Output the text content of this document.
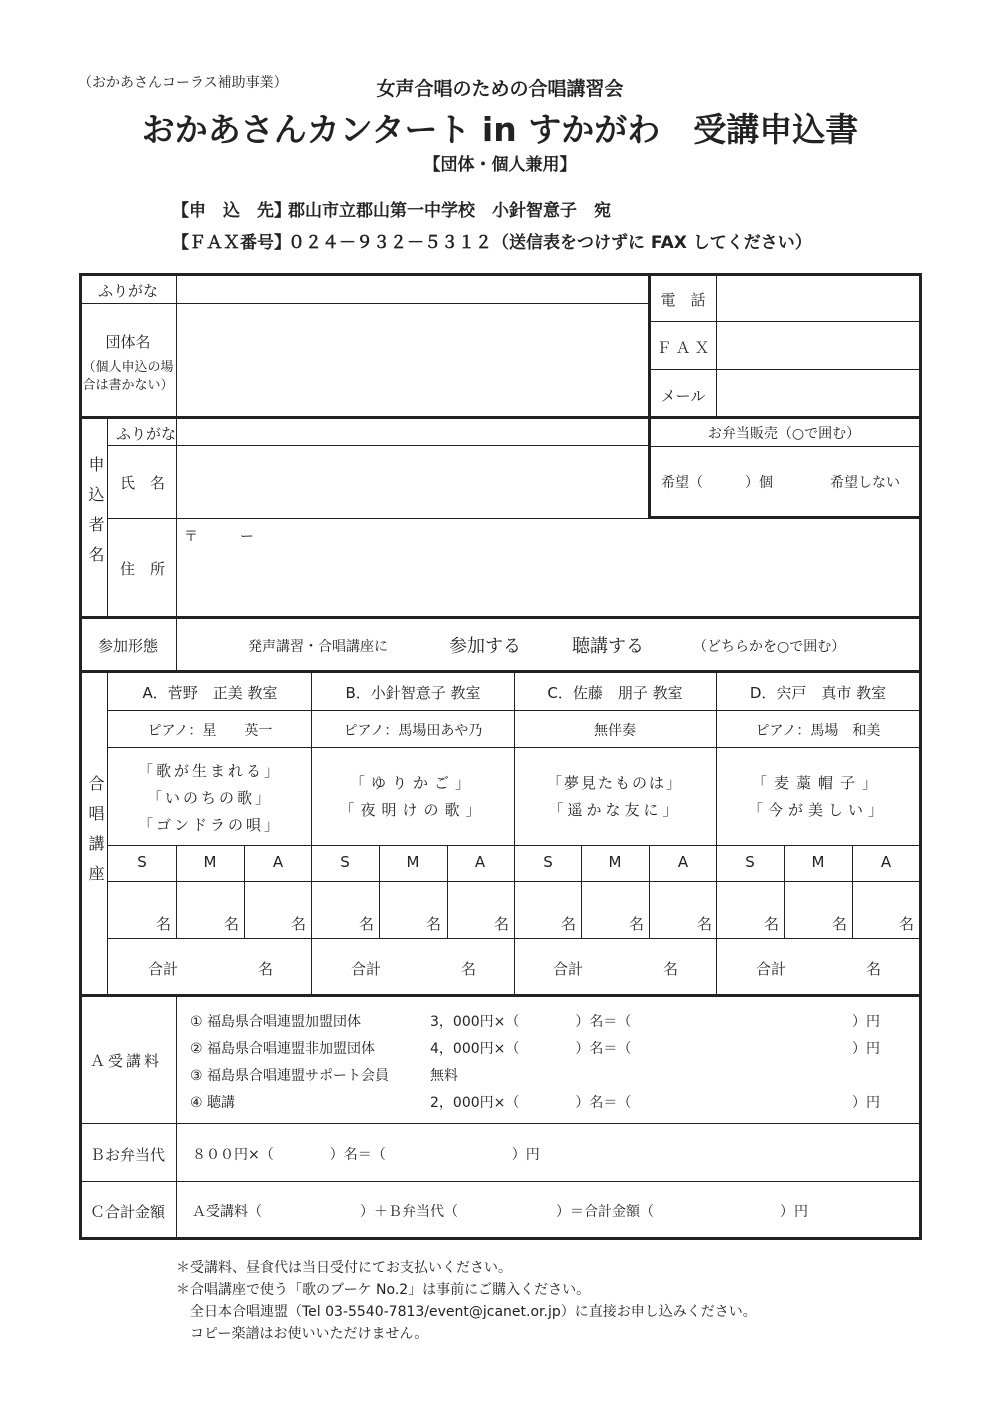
（おかあさんコーラス補助事業）	女声合唱のための合唱講習会
おかあさんカンタート in すかがわ　受講申込書
【団体・個人兼用】
【申　込　先】
郡山市立郡山第一中学校　小針智意子　宛
【ＦＡＸ番号】
０２４－９３２－５３１２（送信表をつけずに FAX してください）
ふりがな
団体名
（個人申込の場
合は書かない）
電　話
ＦＡＸ
メール
申込者名
ふりがな
氏　名
住　所
〒　　　ー
お弁当販売（○で囲む）
希望（　　　）個	希望しない
参加形態	発声講習・合唱講座に	参加する	聴講する	（どちらかを○で囲む）
合唱講座
A．菅野　正美 教室
ピアノ：星　　英一
「歌が生まれる」
「いのちの歌」
「ゴンドラの唄」
B．小針智意子 教室
ピアノ：馬場田あや乃
「ゆりかご」
「夜明けの歌」
C．佐藤　朋子 教室
無伴奏
「夢見たものは」
「遥かな友に」
D．宍戸　真市 教室
ピアノ：馬場　和美
「麦藁帽子」
「今が美しい」
S	M	A	S	M	A	S	M	A	S	M	A
名	名	名	名	名	名	名	名	名	名	名	名
合計	名	合計	名	合計	名	合計	名
Ａ受講料
① 福島県合唱連盟加盟団体	3，000円×（　　　　）名＝（	）円
② 福島県合唱連盟非加盟団体	4，000円×（　　　　）名＝（	）円
③ 福島県合唱連盟サポート会員	無料
④ 聴講	2，000円×（　　　　）名＝（	）円
Ｂお弁当代 ８００円×（　　　　）名＝（　　　　　　　　　）円
Ｃ合計金額 Ａ受講料（　　　　　　　）＋Ｂ弁当代（　　　　　　　）＝合計金額（　　　　　　　　　）円
＊受講料、昼食代は当日受付にてお支払いください。
＊合唱講座で使う「歌のブーケ No.2」は事前にご購入ください。
　全日本合唱連盟（Tel 03-5540-7813/event@jcanet.or.jp）に直接お申し込みください。
　コピー楽譜はお使いいただけません。
